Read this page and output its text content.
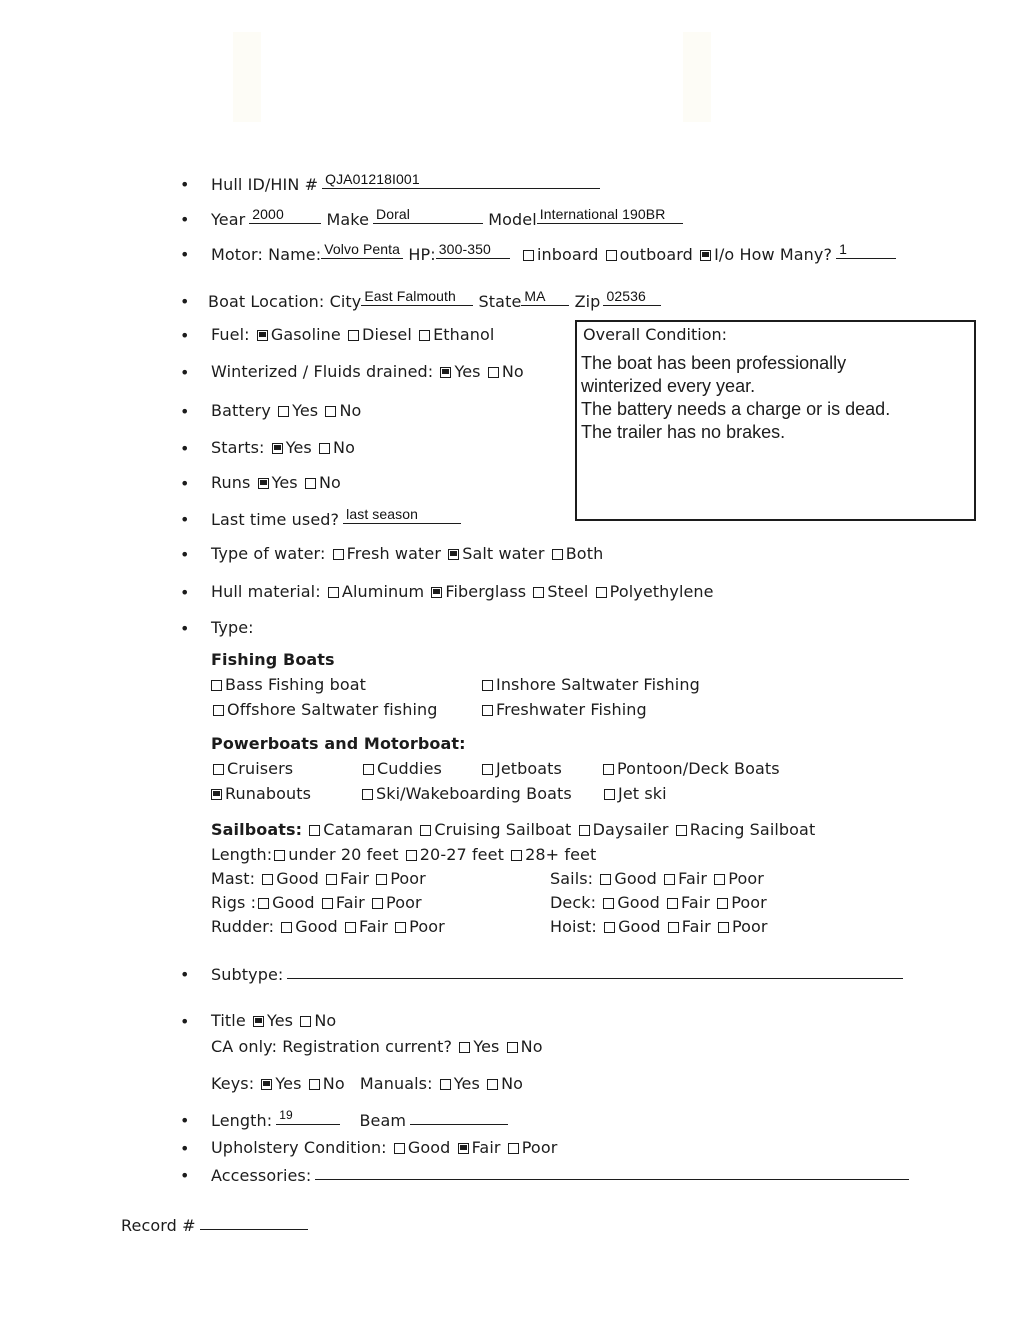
•
•
•
•
•
•
•
•
•
•
•
•
•
•
•
•
•
•
Hull ID/HIN # QJA01218I001
Year 2000	Make Doral	Model International 190BR
Motor: Name: Volvo Penta HP: 300-350	inboard outboard I/o How Many? 1
Boat Location: City East Falmouth State MA Zip 02536
Fuel: Gasoline Diesel Ethanol
Winterized / Fluids drained: Yes No
Battery Yes No
Starts: Yes No
Runs Yes No
Last time used? last season
Overall Condition:
The boat has been professionally
winterized every year.
The battery needs a charge or is dead.
The trailer has no brakes.
Type of water: Fresh water Salt water Both
Hull material: Aluminum Fiberglass Steel Polyethylene
Type:
Fishing Boats
Bass Fishing boat	Inshore Saltwater Fishing
Offshore Saltwater fishing	Freshwater Fishing
Powerboats and Motorboat:
Cruisers	Cuddies	Jetboats	Pontoon/Deck Boats
Runabouts	Ski/Wakeboarding Boats	Jet ski
Sailboats: Catamaran Cruising Sailboat Daysailer Racing Sailboat
Length: under 20 feet 20-27 feet 28+ feet
Mast: Good Fair Poor	Sails: Good Fair Poor
Rigs : Good Fair Poor	Deck: Good Fair Poor
Rudder: Good Fair Poor	Hoist: Good Fair Poor
Subtype:
Title Yes No
CA only: Registration current? Yes No
Keys: Yes No Manuals: Yes No
Length: 19	Beam
Upholstery Condition: Good Fair Poor
Accessories:
Record #
